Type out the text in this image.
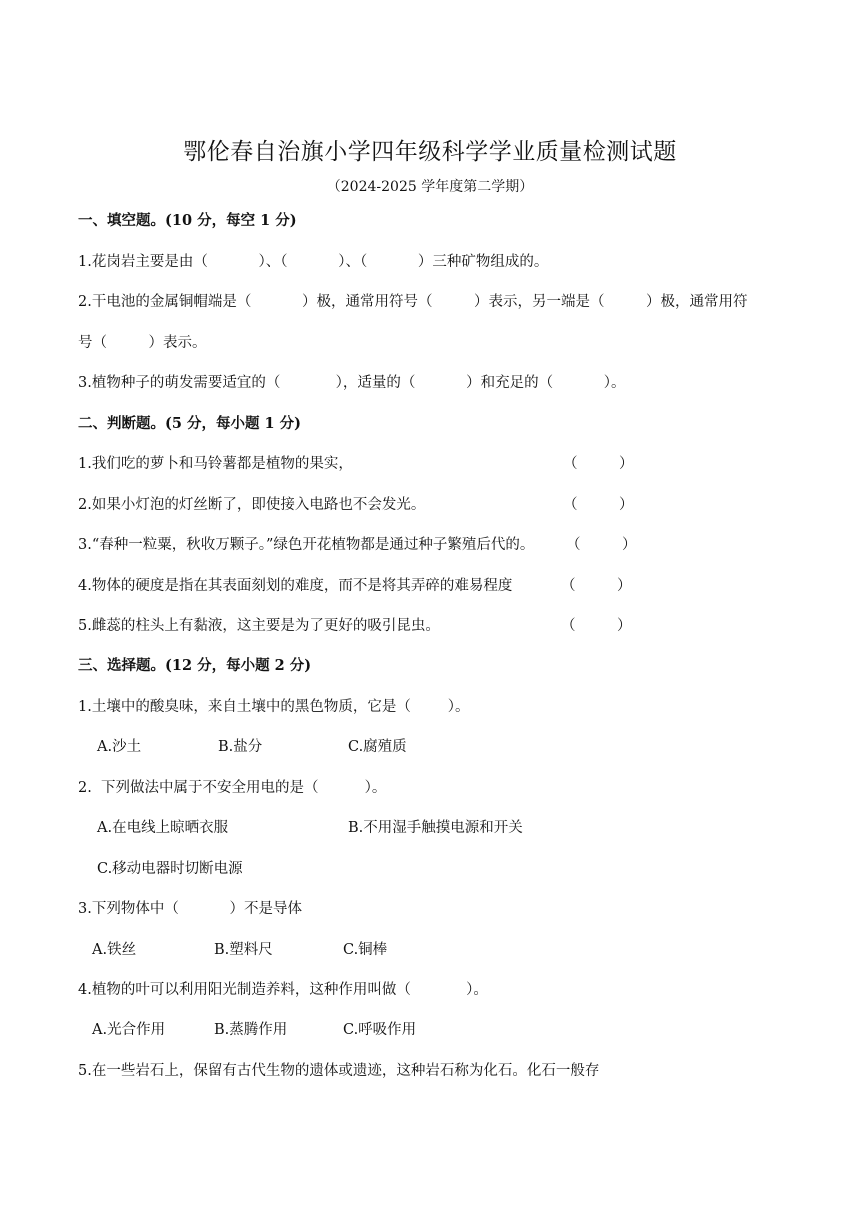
鄂伦春自治旗小学四年级科学学业质量检测试题
（2024-2025 学年度第二学期）
一、填空题。(10 分，每空 1 分)
1.花岗岩主要是由（           ）、（           ）、（           ）三种矿物组成的。
2.干电池的金属铜帽端是（           ）极，通常用符号（         ）表示，另一端是（         ）极，通常用符
号（         ）表示。
3.植物种子的萌发需要适宜的（            ），适量的（           ）和充足的（           ）。
二、判断题。(5 分，每小题 1 分)
1.我们吃的萝卜和马铃薯都是植物的果实，	（         ）
2.如果小灯泡的灯丝断了，即使接入电路也不会发光。	（         ）
3.“春种一粒粟，秋收万颗子。”绿色开花植物都是通过种子繁殖后代的。 （         ）
4.物体的硬度是指在其表面刻划的难度，而不是将其弄碎的难易程度	（         ）
5.雌蕊的柱头上有黏液，这主要是为了更好的吸引昆虫。	（         ）
三、选择题。(12 分，每小题 2 分)
1.土壤中的酸臭味，来自土壤中的黑色物质，它是（        ）。
A.沙土	B.盐分	C.腐殖质
2.  下列做法中属于不安全用电的是（          ）。
A.在电线上晾晒衣服	B.不用湿手触摸电源和开关
C.移动电器时切断电源
3.下列物体中（           ）不是导体
A.铁丝	B.塑料尺	C.铜棒
4.植物的叶可以利用阳光制造养料，这种作用叫做（            ）。
A.光合作用	B.蒸腾作用	C.呼吸作用
5.在一些岩石上，保留有古代生物的遗体或遗迹，这种岩石称为化石。化石一般存
